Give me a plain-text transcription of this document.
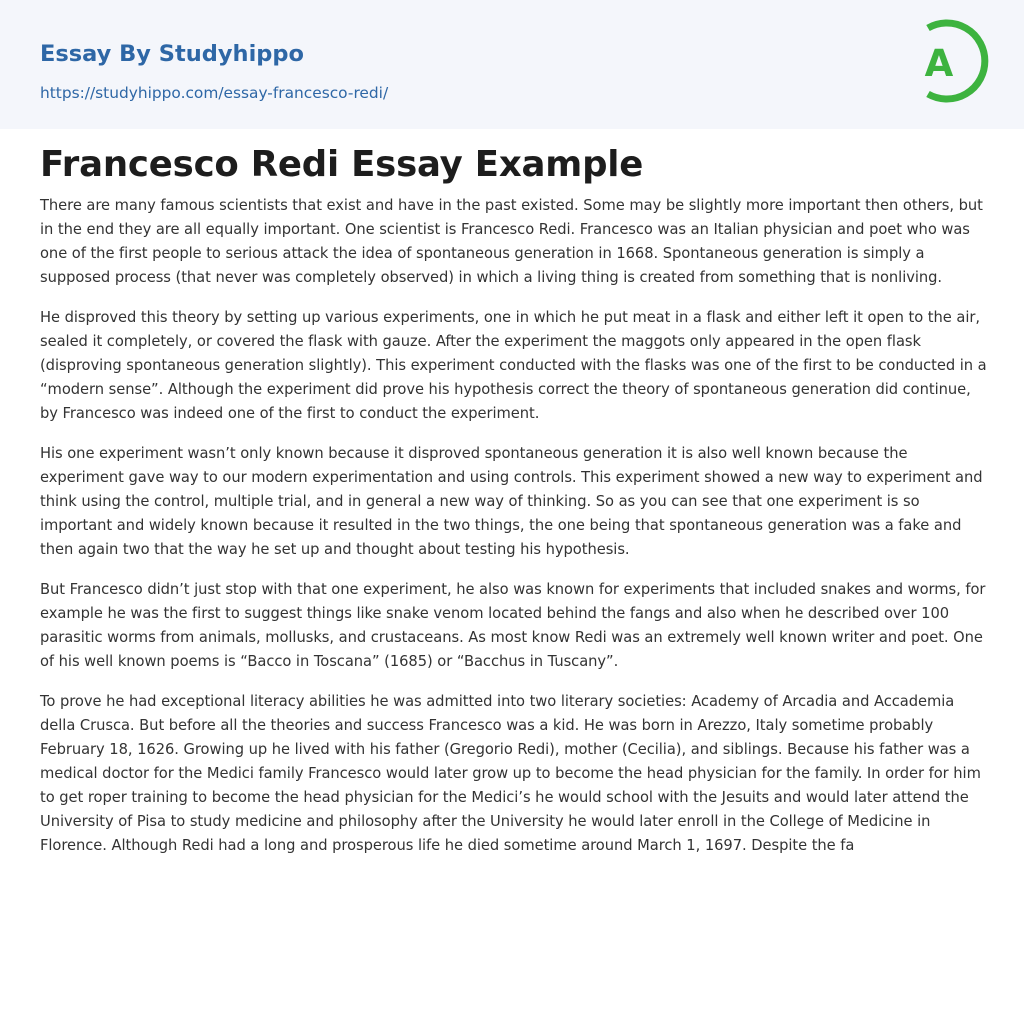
Essay By Studyhippo
https://studyhippo.com/essay-francesco-redi/
A
Francesco Redi Essay Example

There are many famous scientists that exist and have in the past existed. Some may be slightly more important then others, but in the end they are all equally important. One scientist is Francesco Redi. Francesco was an Italian physician and poet who was one of the first people to serious attack the idea of spontaneous generation in 1668. Spontaneous generation is simply a supposed process (that never was completely observed) in which a living thing is created from something that is nonliving.

He disproved this theory by setting up various experiments, one in which he put meat in a flask and either left it open to the air, sealed it completely, or covered the flask with gauze. After the experiment the maggots only appeared in the open flask (disproving spontaneous generation slightly). This experiment conducted with the flasks was one of the first to be conducted in a “modern sense”. Although the experiment did prove his hypothesis correct the theory of spontaneous generation did continue, by Francesco was indeed one of the first to conduct the experiment.

His one experiment wasn’t only known because it disproved spontaneous generation it is also well known because the experiment gave way to our modern experimentation and using controls. This experiment showed a new way to experiment and think using the control, multiple trial, and in general a new way of thinking. So as you can see that one experiment is so important and widely known because it resulted in the two things, the one being that spontaneous generation was a fake and then again two that the way he set up and thought about testing his hypothesis.

But Francesco didn’t just stop with that one experiment, he also was known for experiments that included snakes and worms, for example he was the first to suggest things like snake venom located behind the fangs and also when he described over 100 parasitic worms from animals, mollusks, and crustaceans. As most know Redi was an extremely well known writer and poet. One of his well known poems is “Bacco in Toscana” (1685) or “Bacchus in Tuscany”.

To prove he had exceptional literacy abilities he was admitted into two literary societies: Academy of Arcadia and Accademia della Crusca. But before all the theories and success Francesco was a kid. He was born in Arezzo, Italy sometime probably February 18, 1626. Growing up he lived with his father (Gregorio Redi), mother (Cecilia), and siblings. Because his father was a medical doctor for the Medici family Francesco would later grow up to become the head physician for the family. In order for him to get roper training to become the head physician for the Medici’s he would school with the Jesuits and would later attend the University of Pisa to study medicine and philosophy after the University he would later enroll in the College of Medicine in Florence. Although Redi had a long and prosperous life he died sometime around March 1, 1697. Despite the fa
